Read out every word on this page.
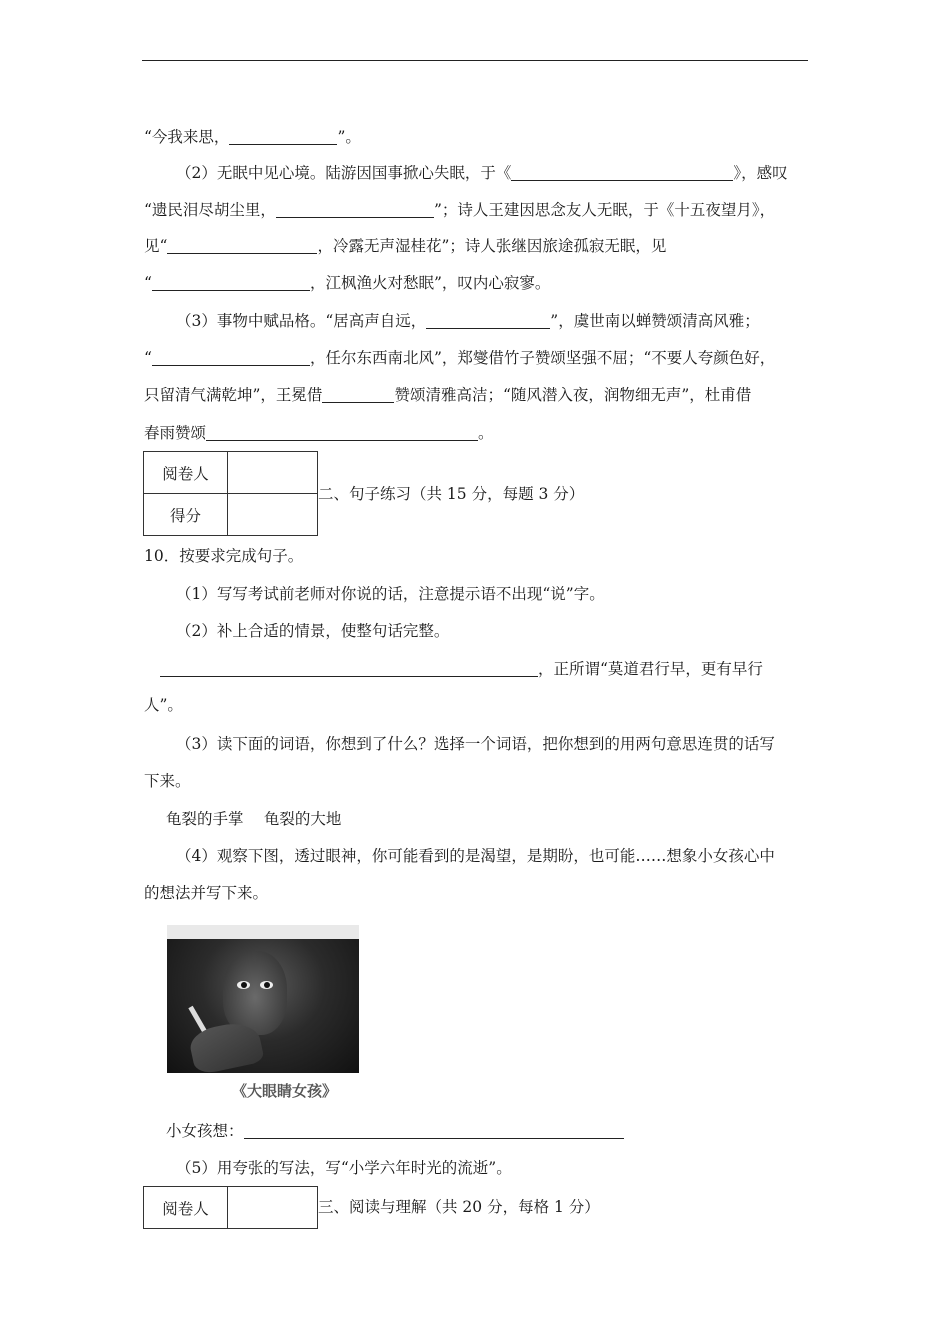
“今我来思，	”。
（2）无眠中见心境。陆游因国事掀心失眠，于《	》，感叹
“遗民泪尽胡尘里，	”；诗人王建因思念友人无眠，于《十五夜望月》，
见“	，冷露无声湿桂花”；诗人张继因旅途孤寂无眠，见
“	，江枫渔火对愁眠”，叹内心寂寥。
（3）事物中赋品格。“居高声自远，	”，虞世南以蝉赞颂清高风雅；
“	，任尔东西南北风”，郑燮借竹子赞颂坚强不屈；“不要人夸颜色好，
只留清气满乾坤”，王冕借	赞颂清雅高洁；“随风潜入夜，润物细无声”，杜甫借
春雨赞颂	。
阅卷人	
得分	
二、句子练习（共 15 分，每题 3 分）
10．按要求完成句子。
（1）写写考试前老师对你说的话，注意提示语不出现“说”字。
（2）补上合适的情景，使整句话完整。
，正所谓“莫道君行早，更有早行
人”。
（3）读下面的词语，你想到了什么？选择一个词语，把你想到的用两句意思连贯的话写
下来。
龟裂的手掌　 龟裂的大地
（4）观察下图，透过眼神，你可能看到的是渴望，是期盼，也可能……想象小女孩心中
的想法并写下来。
《大眼睛女孩》
小女孩想：
（5）用夸张的写法，写“小学六年时光的流逝”。
阅卷人		三、阅读与理解（共 20 分，每格 1 分）
